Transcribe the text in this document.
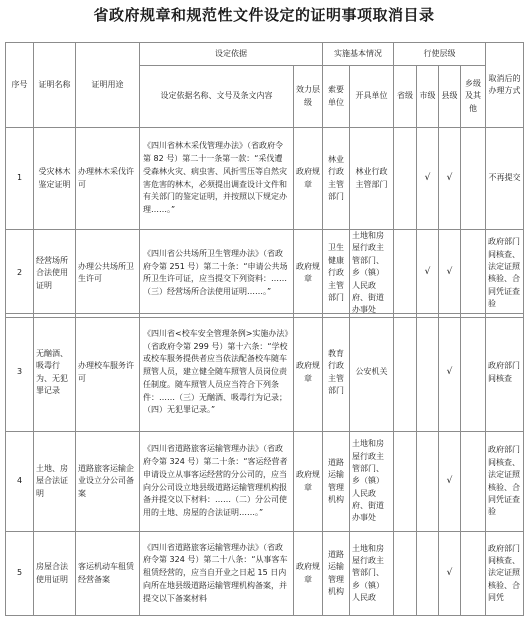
省政府规章和规范性文件设定的证明事项取消目录
序号	证明名称	证明用途	设定依据		实施基本情况		行使层级				取消后的办理方式
			设定依据名称、文号及条文内容	效力层级	索要单位	开具单位	省级	市级	县级	乡级及其他	
1	受灾林木鉴定证明	办理林木采伐许可	《四川省林木采伐管理办法》（省政府令第 82 号）第二十一条第一款：“采伐遭受森林火灾、病虫害、风折雪压等自然灾害危害的林木，必须提出调查设计文件和有关部门的鉴定证明，并按照以下规定办理……。”	政府规章	林业行政主管部门	林业行政主管部门		√	√		不再提交
2	经营场所合法使用证明	办理公共场所卫生许可	《四川省公共场所卫生管理办法》（省政府令第 251 号）第二十条：“申请公共场所卫生许可证，应当提交下列资料：……（三）经营场所合法使用证明……。”	政府规章	卫生健康行政主管部门	土地和房屋行政主管部门、乡（镇）人民政府、街道办事处		√	√		政府部门间核查、法定证照核验、合同凭证查验
3	无酗酒、吸毒行为、无犯罪记录	办理校车服务许可	《四川省<校车安全管理条例>实施办法》（省政府令第 299 号）第十六条：“学校或校车服务提供者应当依法配备校车随车照管人员，建立健全随车照管人员岗位责任制度。随车照管人员应当符合下列条件：……（三）无酗酒、吸毒行为记录；（四）无犯罪记录。”	政府规章	教育行政主管部门	公安机关			√		政府部门间核查
4	土地、房屋合法证明	道路旅客运输企业设立分公司备案	《四川省道路旅客运输管理办法》（省政府令第 324 号）第二十条：“客运经营者申请设立从事客运经营的分公司的，应当向分公司设立地县级道路运输管理机构报备并提交以下材料：……（二）分公司使用的土地、房屋的合法证明……。”	政府规章	道路运输管理机构	土地和房屋行政主管部门、乡（镇）人民政府、街道办事处			√		政府部门间核查、法定证照核验、合同凭证查验
5	房屋合法使用证明	客运机动车租赁经营备案	《四川省道路旅客运输管理办法》（省政府令第 324 号）第二十八条：“从事客车租赁经营的，应当自开业之日起 15 日内向所在地县级道路运输管理机构备案，并提交以下备案材料	政府规章	道路运输管理机构	土地和房屋行政主管部门、乡（镇）人民政			√		政府部门间核查、法定证照核验、合同凭
